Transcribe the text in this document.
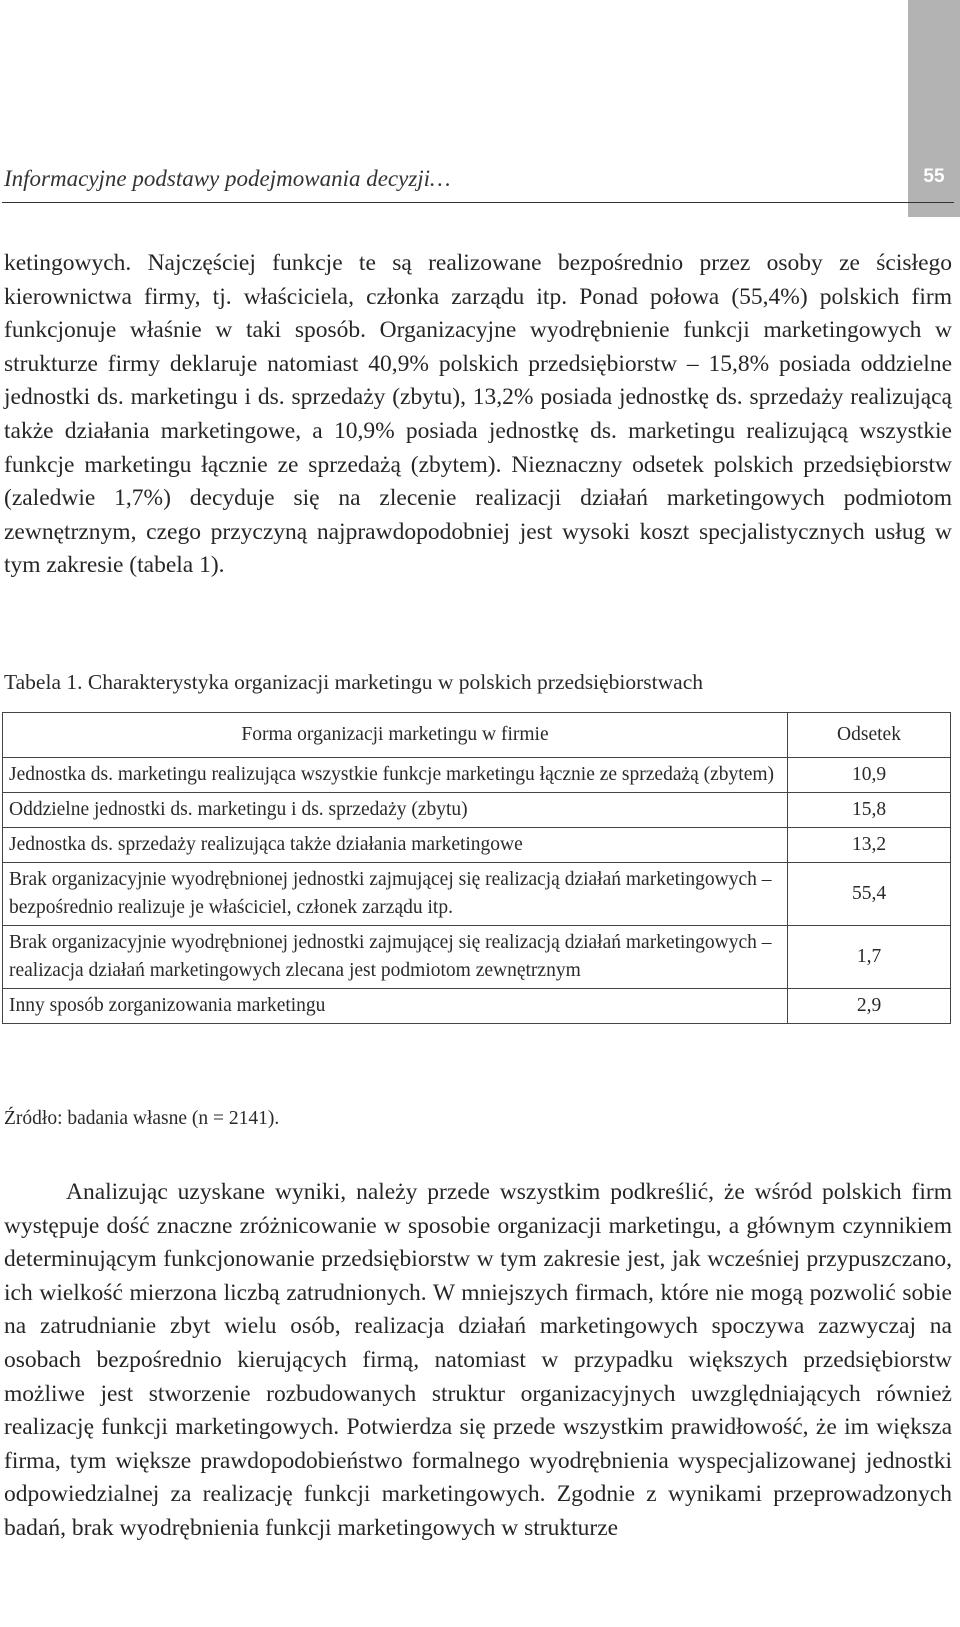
55
Informacyjne podstawy podejmowania decyzji…

ketingowych. Najczęściej funkcje te są realizowane bezpośrednio przez osoby ze ścisłego kierownictwa firmy, tj. właściciela, członka zarządu itp. Ponad połowa (55,4%) polskich firm funkcjonuje właśnie w taki sposób. Organizacyjne wyodrębnienie funkcji marketingowych w strukturze firmy deklaruje natomiast 40,9% polskich przedsiębiorstw – 15,8% posiada oddzielne jednostki ds. marketingu i ds. sprzedaży (zbytu), 13,2% posiada jednostkę ds. sprzedaży realizującą także działania marketingowe, a 10,9% posiada jednostkę ds. marketingu realizującą wszystkie funkcje marketingu łącznie ze sprzedażą (zbytem). Nieznaczny odsetek polskich przedsiębiorstw (zaledwie 1,7%) decyduje się na zlecenie realizacji działań marketingowych podmiotom zewnętrznym, czego przyczyną najprawdopodobniej jest wysoki koszt specjalistycznych usług w tym zakresie (tabela 1).

Tabela 1. Charakterystyka organizacji marketingu w polskich przedsiębiorstwach
Forma organizacji marketingu w firmie	Odsetek
Jednostka ds. marketingu realizująca wszystkie funkcje marketingu łącznie ze sprzedażą (zbytem)	10,9
Oddzielne jednostki ds. marketingu i ds. sprzedaży (zbytu)	15,8
Jednostka ds. sprzedaży realizująca także działania marketingowe	13,2
Brak organizacyjnie wyodrębnionej jednostki zajmującej się realizacją działań marketingowych – bezpośrednio realizuje je właściciel, członek zarządu itp.	55,4
Brak organizacyjnie wyodrębnionej jednostki zajmującej się realizacją działań marketingowych – realizacja działań marketingowych zlecana jest podmiotom zewnętrznym	1,7
Inny sposób zorganizowania marketingu	2,9
Źródło: badania własne (n = 2141).

Analizując uzyskane wyniki, należy przede wszystkim podkreślić, że wśród polskich firm występuje dość znaczne zróżnicowanie w sposobie organizacji marketingu, a głównym czynnikiem determinującym funkcjonowanie przedsiębiorstw w tym zakresie jest, jak wcześniej przypuszczano, ich wielkość mierzona liczbą zatrudnionych. W mniejszych firmach, które nie mogą pozwolić sobie na zatrudnianie zbyt wielu osób, realizacja działań marketingowych spoczywa zazwyczaj na osobach bezpośrednio kierujących firmą, natomiast w przypadku większych przedsiębiorstw możliwe jest stworzenie rozbudowanych struktur organizacyjnych uwzględniających również realizację funkcji marketingowych. Potwierdza się przede wszystkim prawidłowość, że im większa firma, tym większe prawdopodobieństwo formalnego wyodrębnienia wyspecjalizowanej jednostki odpowiedzialnej za realizację funkcji marketingowych. Zgodnie z wynikami przeprowadzonych badań, brak wyodrębnienia funkcji marketingowych w strukturze
